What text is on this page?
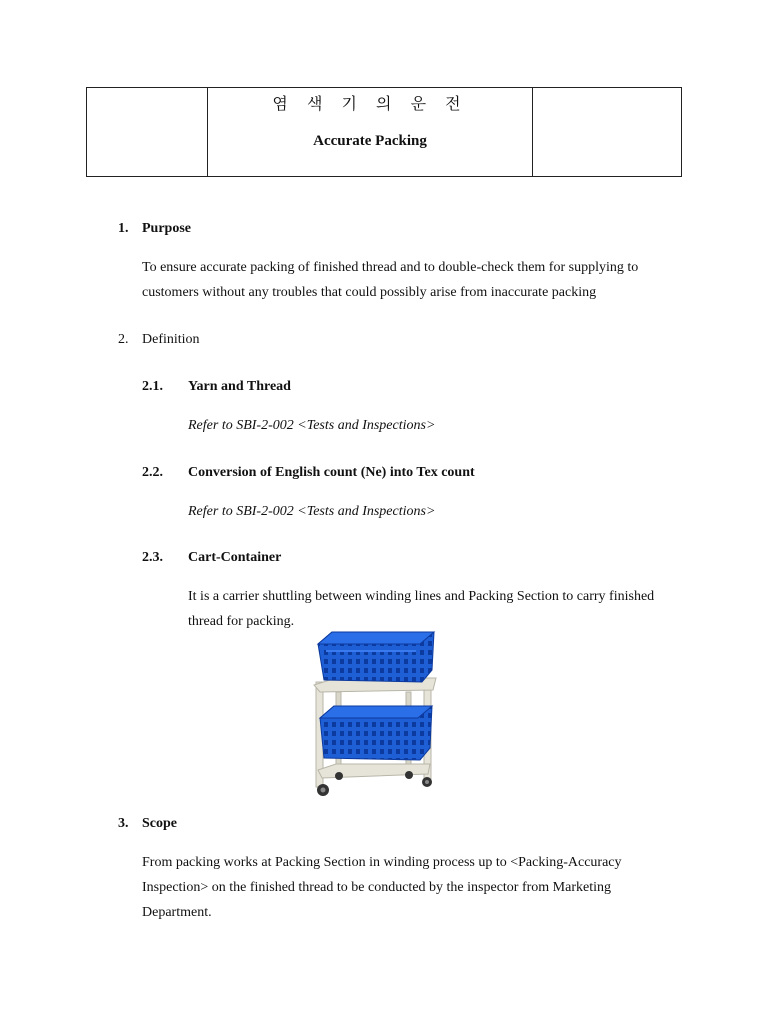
염 색 기 의 운 전
Accurate Packing
1. Purpose
To ensure accurate packing of finished thread and to double-check them for supplying to customers without any troubles that could possibly arise from inaccurate packing
2. Definition
2.1. Yarn and Thread
Refer to SBI-2-002 <Tests and Inspections>
2.2. Conversion of English count (Ne) into Tex count
Refer to SBI-2-002 <Tests and Inspections>
2.3. Cart-Container
It is a carrier shuttling between winding lines and Packing Section to carry finished thread for packing.
3. Scope
From packing works at Packing Section in winding process up to <Packing-Accuracy Inspection> on the finished thread to be conducted by the inspector from Marketing Department.
